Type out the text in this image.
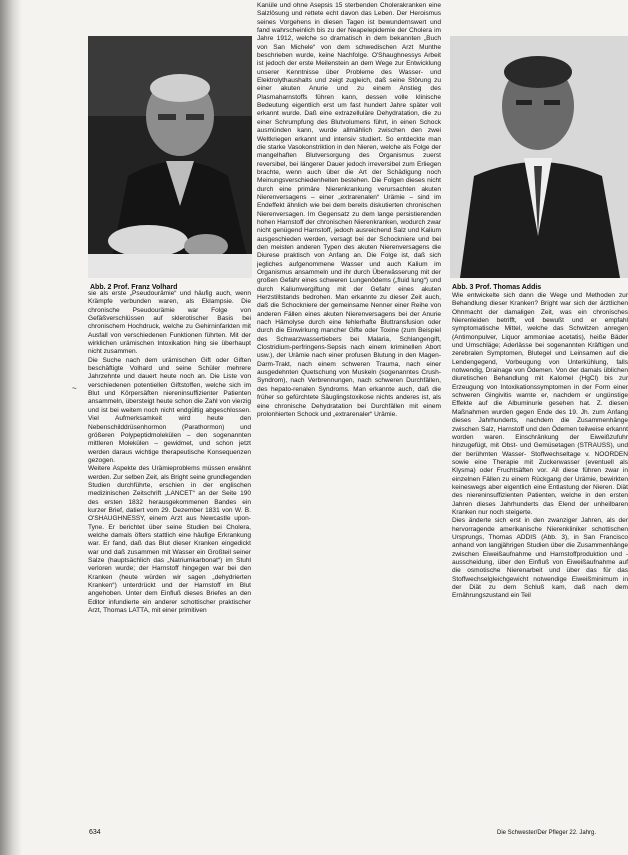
Abb. 2 Prof. Franz Volhard	Abb. 3 Prof. Thomas Addis

sie als erste „Pseudourämie“ und häufig auch, wenn Krämpfe verbunden waren, als Eklampsie. Die chronische Pseudourämie war Folge von Gefäßverschlüssen auf sklerotischer Basis bei chronischem Hochdruck, welche zu Gehirninfarkten mit Ausfall von verschiedenen Funktionen führten. Mit der wirklichen urämischen Intoxikation hing sie überhaupt nicht zusammen.

Die Suche nach dem urämischen Gift oder Giften beschäftigte Volhard und seine Schüler mehrere Jahrzehnte und dauert heute noch an. Die Liste von verschiedenen potentiellen Giftstoffen, welche sich im Blut und Körpersäften niereninsuffizienter Patienten ansammeln, übersteigt heute schon die Zahl von vierzig und ist bei weitem noch nicht endgültig abgeschlossen. Viel Aufmerksamkeit wird heute den Nebenschilddrüsenhormon (Parathormon) und größeren Polypeptidmolekülen – den sogenannten mittleren Molekülen – gewidmet, und schon jetzt werden daraus wichtige therapeutische Konsequenzen gezogen.

Weitere Aspekte des Urämieproblems müssen erwähnt werden. Zur selben Zeit, als Bright seine grundlegenden Studien durchführte, erschien in der englischen medizinischen Zeitschrift „LANCET“ an der Seite 190 des ersten 1832 herausgekommenen Bandes ein kurzer Brief, datiert vom 29. Dezember 1831 von W. B. O'SHAUGHNESSY, einem Arzt aus Newcastle upon-Tyne. Er berichtet über seine Studien bei Cholera, welche damals öfters stattlich eine häufige Erkrankung war. Er fand, daß das Blut dieser Kranken eingedickt war und daß zusammen mit Wasser ein Großteil seiner Salze (hauptsächlich das „Natriumkarbonat“) im Stuhl verloren wurde; der Harnstoff hingegen war bei den Kranken (heute würden wir sagen „dehydrierten Kranken“) unterdrückt und der Harnstoff im Blut angehoben. Unter dem Einfluß dieses Briefes an den Editor infundierte ein anderer schottischer praktischer Arzt, Thomas LATTA, mit einer primitiven

Kanüle und ohne Asepsis 15 sterbenden Cholerakranken eine Salzlösung und rettete echt davon das Leben. Der Heroismus seines Vorgehens in diesen Tagen ist bewundernswert und fand wahrscheinlich bis zu der Neapelepidemie der Cholera im Jahre 1912, welche so dramatisch in dem bekannten „Buch von San Michele“ von dem schwedischen Arzt Munthe beschrieben wurde, keine Nachfolge. O'Shaughnessys Arbeit ist jedoch der erste Meilenstein an dem Wege zur Entwicklung unserer Kenntnisse über Probleme des Wasser- und Elektrolythaushalts und zeigt zugleich, daß seine Störung zu einer akuten Anurie und zu einem Anstieg des Plasmaharnstoffs führen kann, dessen volle klinische Bedeutung eigentlich erst um fast hundert Jahre später voll erkannt wurde. Daß eine extrazelluläre Dehydratation, die zu einer Schrumpfung des Blutvolumens führt, in einen Schock ausmünden kann, wurde allmählich zwischen den zwei Weltkriegen erkannt und intensiv studiert. So entdeckte man die starke Vasokonstriktion in den Nieren, welche als Folge der mangelhaften Blutversorgung des Organismus zuerst reversibel, bei längerer Dauer jedoch irreversibel zum Erliegen brachte, wenn auch über die Art der Schädigung noch Meinungsverschiedenheiten bestehen. Die Folgen dieses nicht durch eine primäre Nierenkrankung verursachten akuten Nierenversagens – einer „extrarenalen“ Urämie – sind im Endeffekt ähnlich wie bei dem bereits diskutierten chronischen Nierenversagen. Im Gegensatz zu dem lange persistierenden hohen Harnstoff der chronischen Nierenkranken, wodurch zwar nicht genügend Harnstoff, jedoch ausreichend Salz und Kalium ausgeschieden werden, versagt bei der Schockniere und bei den meisten anderen Typen des akuten Nierenversagens die Diurese praktisch von Anfang an. Die Folge ist, daß sich jegliches aufgenommene Wasser und auch Kalium im Organismus ansammeln und ihr durch Überwässerung mit der großen Gefahr eines schweren Lungenödems („fluid lung“) und durch Kaliumvergiftung mit der Gefahr eines akuten Herzstillstands bedrohen. Man erkannte zu dieser Zeit auch, daß die Schockniere der gemeinsame Nenner einer Reihe von anderen Fällen eines akuten Nierenversagens bei der Anurie nach Hämolyse durch eine fehlerhafte Bluttransfusion oder durch die Einwirkung mancher Gifte oder Toxine (zum Beispiel des Schwarzwassertiebers bei Malaria, Schlangengift, Clostridium-perfringens-Sepsis nach einem kriminellen Abort usw.), der Urämie nach einer profusen Blutung in den Magen-Darm-Trakt, nach einem schweren Trauma, nach einer ausgedehnten Quetschung von Muskeln (sogenanntes Crush-Syndrom), nach Verbrennungen, nach schweren Durchfällen, des hepato-renalen Syndroms. Man erkannte auch, daß die früher so gefürchtete Säuglingstoxikose nichts anderes ist, als eine chronische Dehydratation bei Durchfällen mit einem prolonhierten Schock und „extrarenaler“ Urämie.

Wie entwickelte sich dann die Wege und Methoden zur Behandlung dieser Kranken? Bright war sich der ärztlichen Ohnmacht der damaligen Zeit, was ein chronisches Nierenleiden betrifft, voll bewußt und er empfahl symptomatische Mittel, welche das Schwitzen anregen (Antimonpulver, Liquor ammoniae acetatis), heiße Bäder und Umschläge; Aderlässe bei sogenannten Kräftigen und zerebralen Symptomen, Blutegel und Leinsamen auf die Lendengegend, Vorbeugung von Unterkühlung, falls notwendig, Drainage von Ödemen. Von der damals üblichen diuretischen Behandlung mit Kalomel (HgCl) bis zur Erzeugung von Intoxikationssymptomen in der Form einer schweren Gingivitis warnte er, nachdem er ungünstige Effekte auf die Albuminurie gesehen hat. Z. diesen Maßnahmen wurden gegen Ende des 19. Jh. zum Anfang dieses Jahrhunderts, nachdem die Zusammenhänge zwischen Salz, Harnstoff und den Ödemen teilweise erkannt worden waren. Einschränkung der Eiweißzufuhr hinzugefügt, mit Obst- und Gemüsetagen (STRAUSS), und der berühmten Wasser- Stoffwechseltage v. NOORDEN sowie eine Therapie mit Zuckerwasser (eventuell als Klysma) oder Fruchtsäften vor. All diese führen zwar in einzelnen Fällen zu einem Rückgang der Urämie, bewirkten keineswegs aber eigentlich eine Entlastung der Nieren. Diät des niereninsuffizienten Patienten, welche in den ersten Jahren dieses Jahrhunderts das Elend der unheilbaren Kranken nur noch steigerte.

Dies änderte sich erst in den zwanziger Jahren, als der hervorragende amerikanische Nierenkliniker schottischen Ursprungs, Thomas ADDIS (Abb. 3), in San Francisco anhand von langjährigen Studien über die Zusammenhänge zwischen Eiweißaufnahme und Harnstoffproduktion und -ausscheidung, über den Einfluß von Eiweißaufnahme auf die osmotische Nierenarbeit und über das für das Stoffwechselgleichgewicht notwendige Eiweißminimum in der Diät zu dem Schluß kam, daß nach dem Ernährungszustand ein Teil

~
634	Die Schwester/Der Pfleger 22. Jahrg.
